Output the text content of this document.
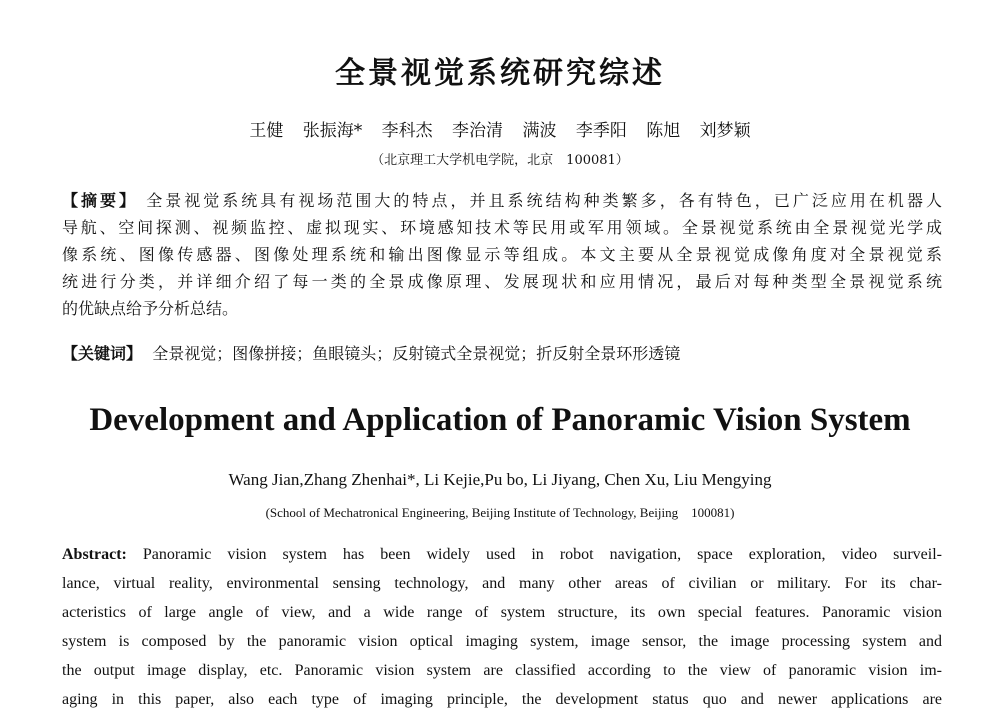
全景视觉系统研究综述
王健 张振海* 李科杰 李治清 满波 李季阳 陈旭 刘梦颖
（北京理工大学机电学院，北京　100081）
【摘要】 全景视觉系统具有视场范围大的特点，并且系统结构种类繁多，各有特色，已广泛应用在机器人
导航、空间探测、视频监控、虚拟现实、环境感知技术等民用或军用领域。全景视觉系统由全景视觉光学成
像系统、图像传感器、图像处理系统和输出图像显示等组成。本文主要从全景视觉成像角度对全景视觉系
统进行分类，并详细介绍了每一类的全景成像原理、发展现状和应用情况，最后对每种类型全景视觉系统
的优缺点给予分析总结。
【关键词】 全景视觉；图像拼接；鱼眼镜头；反射镜式全景视觉；折反射全景环形透镜
Development and Application of Panoramic Vision System
Wang Jian,Zhang Zhenhai*, Li Kejie,Pu bo, Li Jiyang, Chen Xu, Liu Mengying
(School of Mechatronical Engineering, Beijing Institute of Technology, Beijing　100081)
Abstract: Panoramic vision system has been widely used in robot navigation, space exploration, video surveil-
lance, virtual reality, environmental sensing technology, and many other areas of civilian or military. For its char-
acteristics of large angle of view, and a wide range of system structure, its own special features. Panoramic vision
system is composed by the panoramic vision optical imaging system, image sensor, the image processing system and
the output image display, etc. Panoramic vision system are classified according to the view of panoramic vision im-
aging in this paper, also each type of imaging principle, the development status quo and newer applications are
